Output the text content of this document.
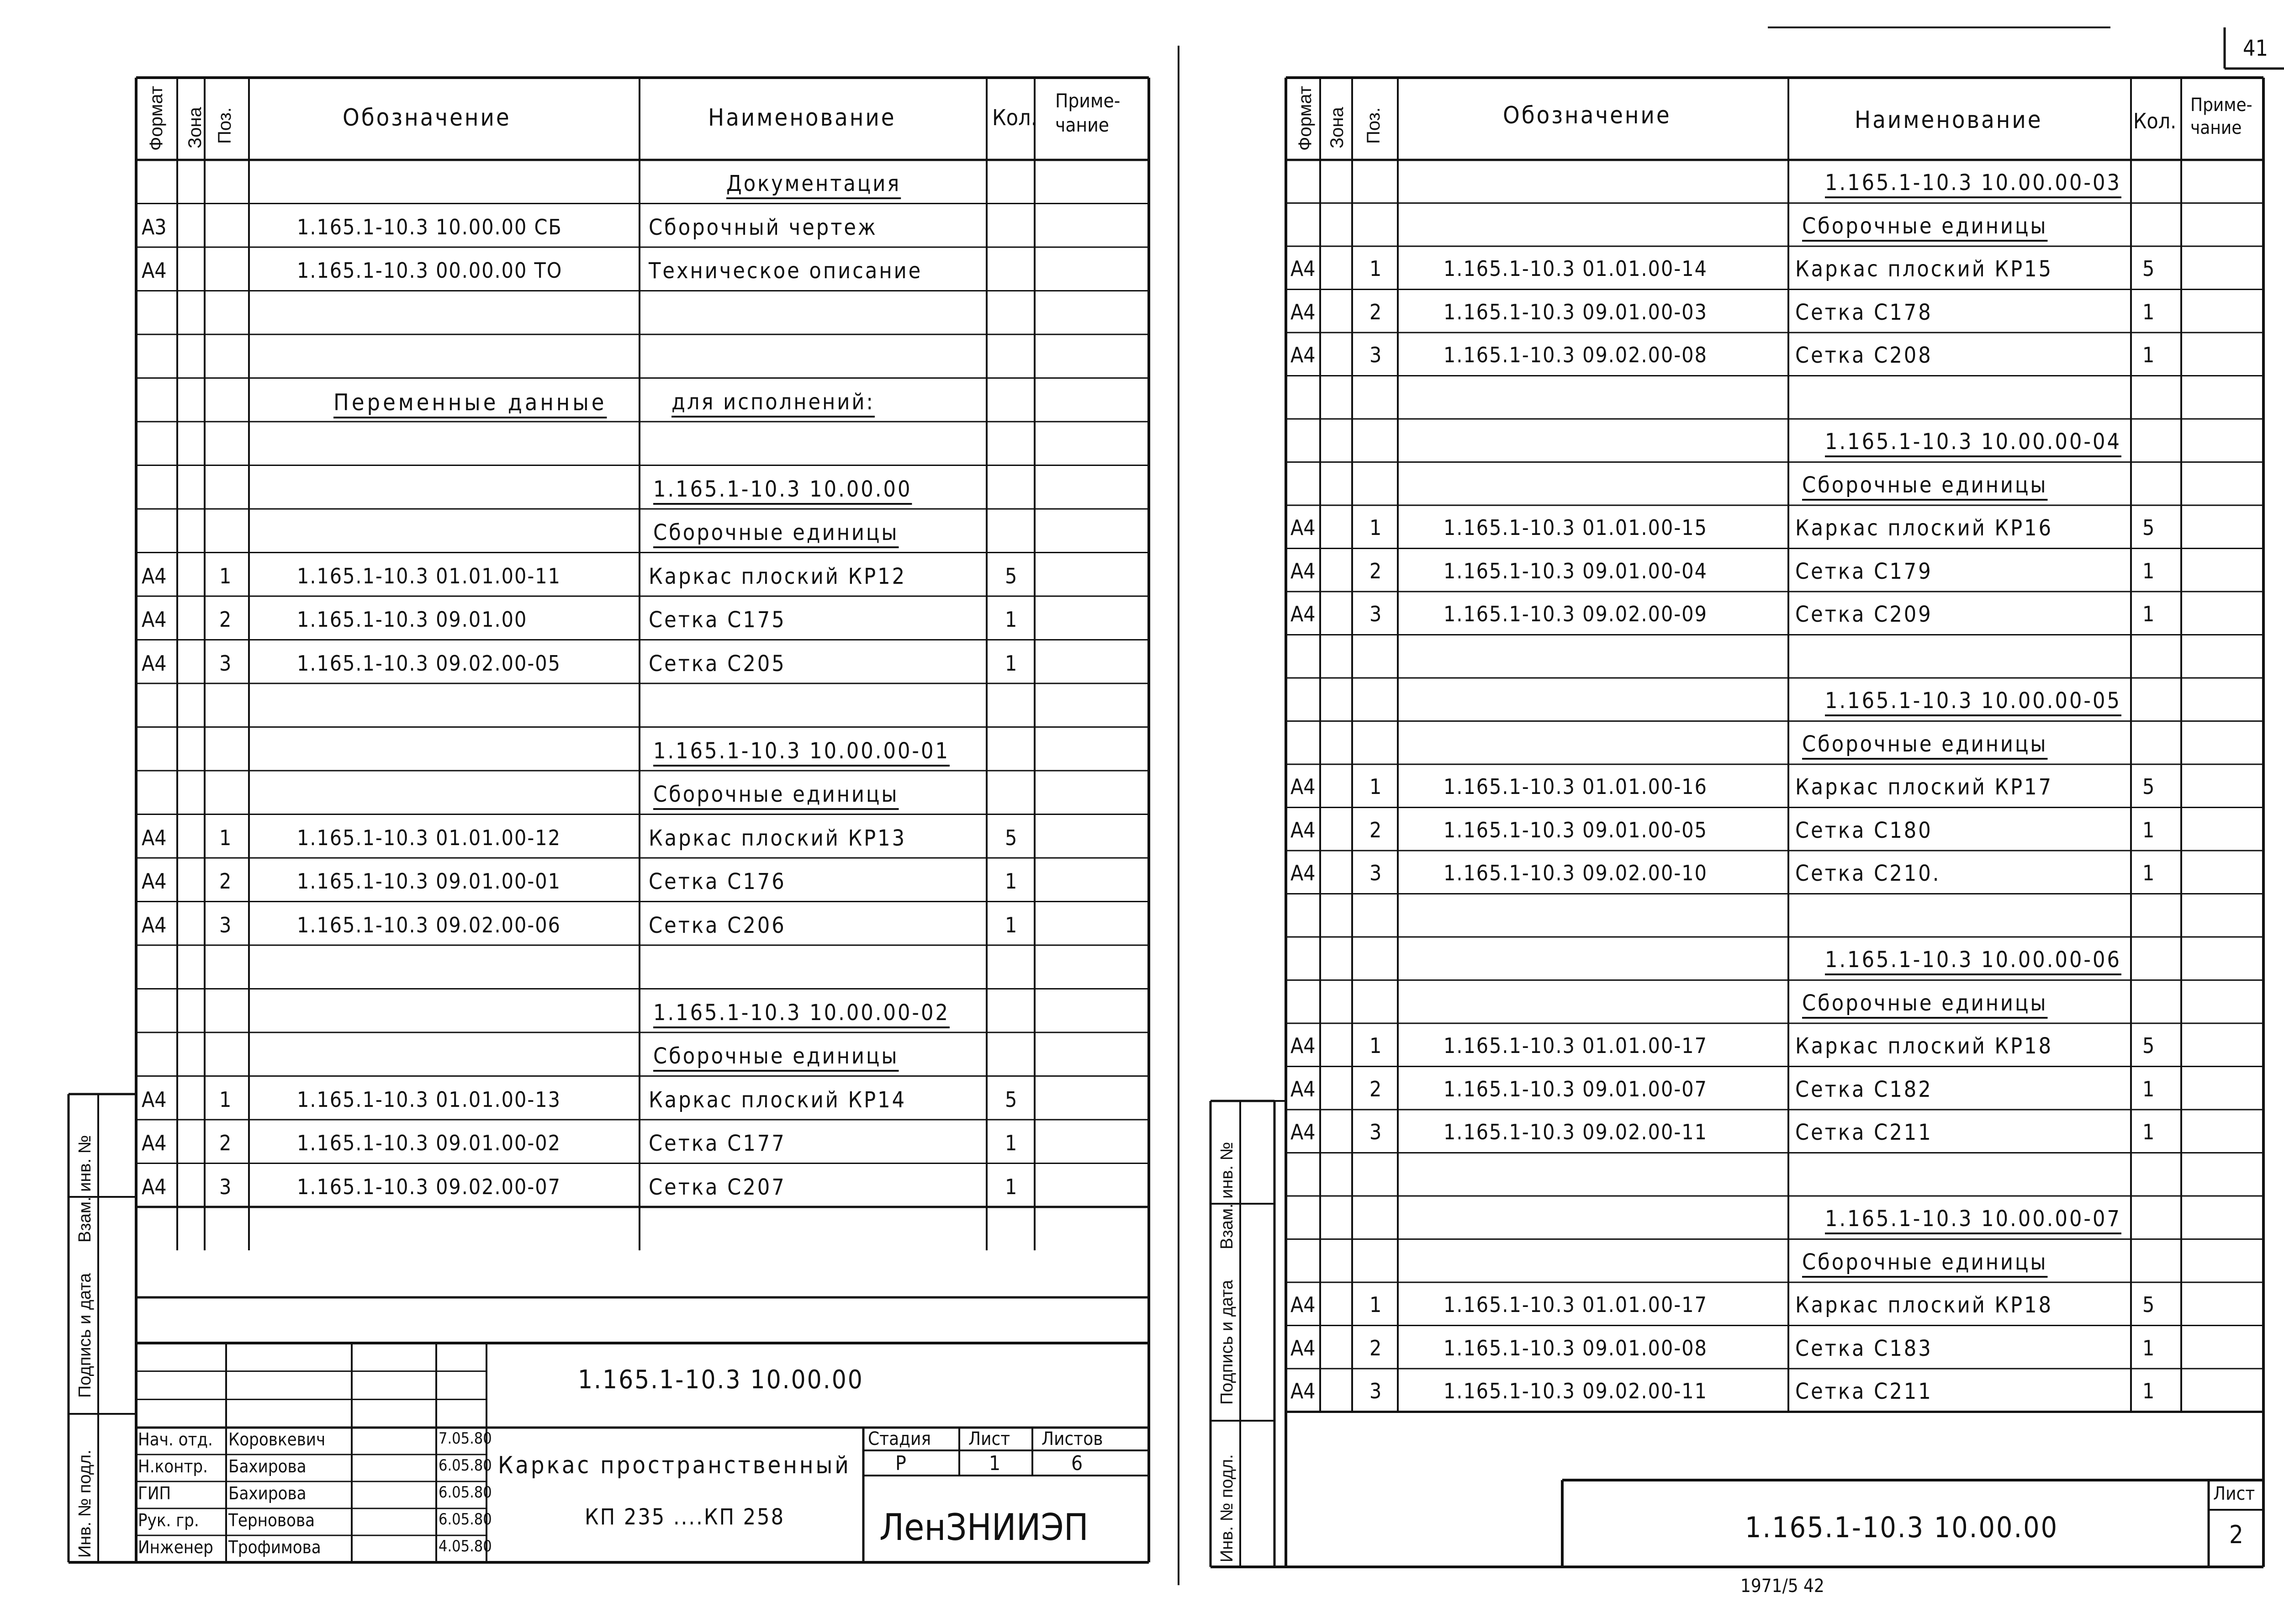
Формат Зона Поз.	Обозначение	Наименование	Кол.
Приме-
чание
Документация
А3	1.165.1-10.3 10.00.00 СБ	Сборочный чертеж
А4	1.165.1-10.3 00.00.00 ТО	Техническое описание
Переменные данные	для исполнений:
1.165.1-10.3 10.00.00
Сборочные единицы
А4	1	1.165.1-10.3 01.01.00-11	Каркас плоский КР12	5
А4	2	1.165.1-10.3 09.01.00	Сетка С175	1
А4	3	1.165.1-10.3 09.02.00-05	Сетка С205	1
1.165.1-10.3 10.00.00-01
Сборочные единицы
А4	1	1.165.1-10.3 01.01.00-12	Каркас плоский КР13	5
А4	2	1.165.1-10.3 09.01.00-01	Сетка С176	1
А4	3	1.165.1-10.3 09.02.00-06	Сетка С206	1
1.165.1-10.3 10.00.00-02
Сборочные единицы
А4	1	1.165.1-10.3 01.01.00-13	Каркас плоский КР14	5
А4	2	1.165.1-10.3 09.01.00-02	Сетка С177	1
А4	3	1.165.1-10.3 09.02.00-07	Сетка С207	1
1.165.1-10.3 10.00.00
Каркас пространственный
КП 235 ....КП 258
Стадия Лист Листов
Р	1	6
ЛенЗНИИЭП
Нач. отд. Коровкевич	7.05.80
Н.контр. Бахирова	6.05.80
ГИП	Бахирова	6.05.80
Рук. гр. Терновова	6.05.80
Инженер Трофимова	4.05.80
Инв. № подл.
Подпись и дата
Взам. инв. №
Формат Зона Поз.	Обозначение	Наименование	Кол.
Приме-
чание
1.165.1-10.3 10.00.00-03
Сборочные единицы
А4	1	1.165.1-10.3 01.01.00-14	Каркас плоский КР15	5
А4	2	1.165.1-10.3 09.01.00-03	Сетка С178	1
А4	3	1.165.1-10.3 09.02.00-08	Сетка С208	1
1.165.1-10.3 10.00.00-04
Сборочные единицы
А4	1	1.165.1-10.3 01.01.00-15	Каркас плоский КР16	5
А4	2	1.165.1-10.3 09.01.00-04	Сетка С179	1
А4	3	1.165.1-10.3 09.02.00-09	Сетка С209	1
1.165.1-10.3 10.00.00-05
Сборочные единицы
А4	1	1.165.1-10.3 01.01.00-16	Каркас плоский КР17	5
А4	2	1.165.1-10.3 09.01.00-05	Сетка С180	1
А4	3	1.165.1-10.3 09.02.00-10	Сетка С210.	1
1.165.1-10.3 10.00.00-06
Сборочные единицы
А4	1	1.165.1-10.3 01.01.00-17	Каркас плоский КР18	5
А4	2	1.165.1-10.3 09.01.00-07	Сетка С182	1
А4	3	1.165.1-10.3 09.02.00-11	Сетка С211	1
1.165.1-10.3 10.00.00-07
Сборочные единицы
А4	1	1.165.1-10.3 01.01.00-17	Каркас плоский КР18	5
А4	2	1.165.1-10.3 09.01.00-08	Сетка С183	1
А4	3	1.165.1-10.3 09.02.00-11	Сетка С211	1
1.165.1-10.3 10.00.00
Лист
2
Инв. № подл.
Подпись и дата
Взам. инв. №
41
1971/5 42
